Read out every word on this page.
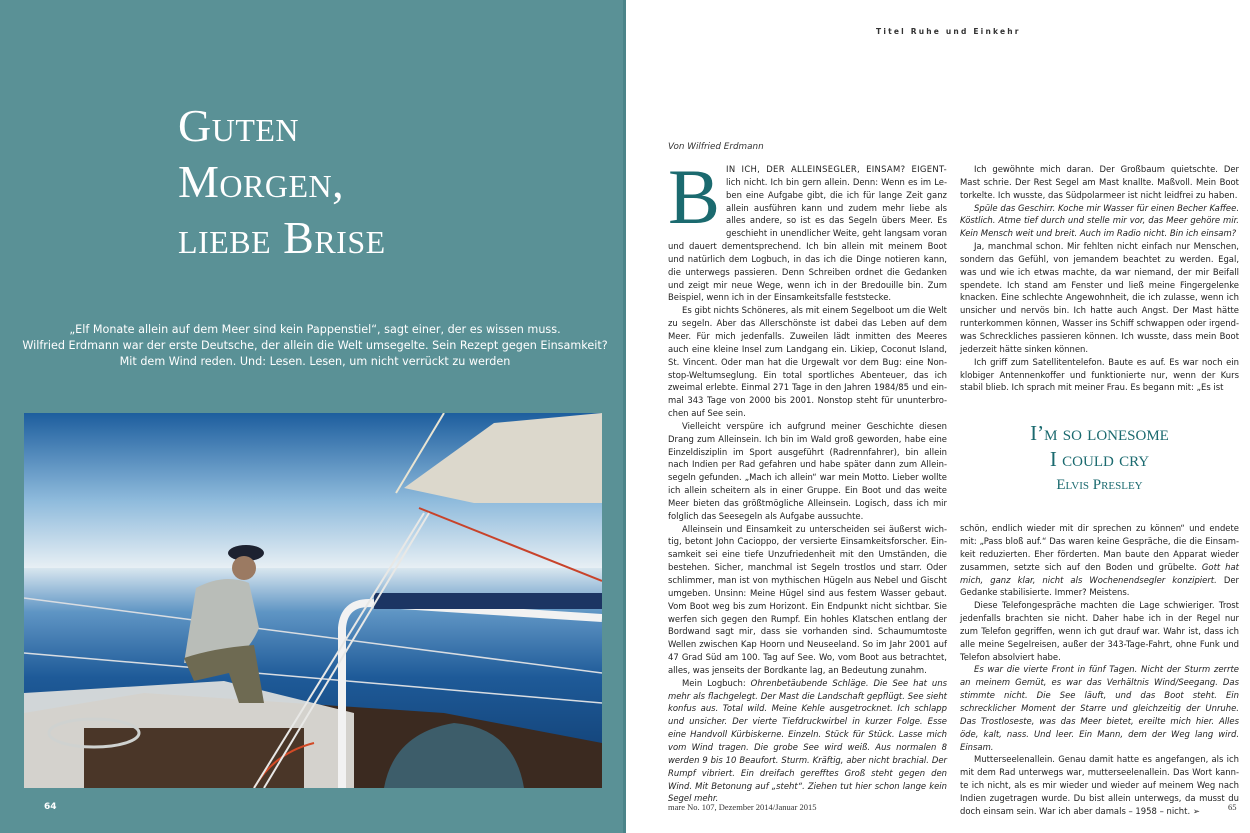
Guten
Morgen,
liebe Brise
„Elf Monate allein auf dem Meer sind kein Pappenstiel“, sagt einer, der es wissen muss.
Wilfried Erdmann war der erste Deutsche, der allein die Welt umsegelte. Sein Rezept gegen Einsamkeit?
Mit dem Wind reden. Und: Lesen. Lesen, um nicht verrückt zu werden
64
Titel Ruhe und Einkehr
Von Wilfried Erdmann

BIN ICH, DER ALLEINSEGLER, EINSAM? EIGENT- lich nicht. Ich bin gern allein. Denn: Wenn es im Leben eine Aufgabe gibt, die ich für lange Zeit ganz allein ausführen kann und zudem mehr liebe als alles andere, so ist es das Segeln übers Meer. Es geschieht in unendlicher Weite, geht langsam voran und dauert dementsprechend. Ich bin allein mit meinem Boot und natürlich dem Logbuch, in das ich die Dinge notieren kann, die unterwegs passieren. Denn Schreiben ordnet die Gedanken und zeigt mir neue Wege, wenn ich in der Bredouille bin. Zum Beispiel, wenn ich in der Einsamkeitsfalle feststecke.

Es gibt nichts Schöneres, als mit einem Segelboot um die Welt zu segeln. Aber das Allerschönste ist dabei das Leben auf dem Meer. Für mich jedenfalls. Zuweilen lädt inmitten des Meeres auch eine kleine Insel zum Landgang ein. Likiep, Coconut Island, St. Vincent. Oder man hat die Urgewalt vor dem Bug: eine Nonstop-Weltumseglung. Ein total sportliches Abenteuer, das ich zweimal erlebte. Einmal 271 Tage in den Jahren 1984/85 und einmal 343 Tage von 2000 bis 2001. Nonstop steht für ununterbrochen auf See sein.

Vielleicht verspüre ich aufgrund meiner Geschichte diesen Drang zum Alleinsein. Ich bin im Wald groß geworden, habe eine Einzeldisziplin im Sport ausgeführt (Radrennfahrer), bin allein nach Indien per Rad gefahren und habe später dann zum Alleinsegeln gefunden. „Mach ich allein“ war mein Motto. Lieber wollte ich allein scheitern als in einer Gruppe. Ein Boot und das weite Meer bieten das größtmögliche Alleinsein. Logisch, dass ich mir folglich das Seesegeln als Aufgabe aussuchte.

Alleinsein und Einsamkeit zu unterscheiden sei äußerst wichtig, betont John Cacioppo, der versierte Einsamkeitsforscher. Einsamkeit sei eine tiefe Unzufriedenheit mit den Umständen, die bestehen. Sicher, manchmal ist Segeln trostlos und starr. Oder schlimmer, man ist von mythischen Hügeln aus Nebel und Gischt umgeben. Unsinn: Meine Hügel sind aus festem Wasser gebaut. Vom Boot weg bis zum Horizont. Ein Endpunkt nicht sichtbar. Sie werfen sich gegen den Rumpf. Ein hohles Klatschen entlang der Bordwand sagt mir, dass sie vorhanden sind. Schaumumtoste Wellen zwischen Kap Hoorn und Neuseeland. So im Jahr 2001 auf 47 Grad Süd am 100. Tag auf See. Wo, vom Boot aus betrachtet, alles, was jenseits der Bordkante lag, an Bedeutung zunahm.

Mein Logbuch: Ohrenbetäubende Schläge. Die See hat uns mehr als flachgelegt. Der Mast die Landschaft gepflügt. See sieht konfus aus. Total wild. Meine Kehle ausgetrocknet. Ich schlapp und unsicher. Der vierte Tiefdruckwirbel in kurzer Folge. Esse eine Handvoll Kürbiskerne. Einzeln. Stück für Stück. Lasse mich vom Wind tragen. Die grobe See wird weiß. Aus normalen 8 werden 9 bis 10 Beaufort. Sturm. Kräftig, aber nicht brachial. Der Rumpf vibriert. Ein dreifach gerefftes Groß steht gegen den Wind. Mit Betonung auf „steht“. Ziehen tut hier schon lange kein Segel mehr.

Ich gewöhnte mich daran. Der Großbaum quietschte. Der Mast schrie. Der Rest Segel am Mast knallte. Maßvoll. Mein Boot torkelte. Ich wusste, das Südpolarmeer ist nicht leidfrei zu haben.

Spüle das Geschirr. Koche mir Wasser für einen Becher Kaffee. Köstlich. Atme tief durch und stelle mir vor, das Meer gehöre mir. Kein Mensch weit und breit. Auch im Radio nicht. Bin ich einsam?

Ja, manchmal schon. Mir fehlten nicht einfach nur Menschen, sondern das Gefühl, von jemandem beachtet zu werden. Egal, was und wie ich etwas machte, da war niemand, der mir Beifall spendete. Ich stand am Fenster und ließ meine Fingergelenke knacken. Eine schlechte Angewohnheit, die ich zulasse, wenn ich unsicher und nervös bin. Ich hatte auch Angst. Der Mast hätte runterkommen können, Wasser ins Schiff schwappen oder irgendwas Schreckliches passieren können. Ich wusste, dass mein Boot jederzeit hätte sinken können.

Ich griff zum Satellitentelefon. Baute es auf. Es war noch ein klobiger Antennenkoffer und funktionierte nur, wenn der Kurs stabil blieb. Ich sprach mit meiner Frau. Es begann mit: „Es ist

I’m so lonesome
I could cry
Elvis Presley

schön, endlich wieder mit dir sprechen zu können“ und endete mit: „Pass bloß auf.“ Das waren keine Gespräche, die die Einsamkeit reduzierten. Eher förderten. Man baute den Apparat wieder zusammen, setzte sich auf den Boden und grübelte. Gott hat mich, ganz klar, nicht als Wochenendsegler konzipiert. Der Gedanke stabilisierte. Immer? Meistens.

Diese Telefongespräche machten die Lage schwieriger. Trost jedenfalls brachten sie nicht. Daher habe ich in der Regel nur zum Telefon gegriffen, wenn ich gut drauf war. Wahr ist, dass ich alle meine Segelreisen, außer der 343-Tage-Fahrt, ohne Funk und Telefon absolviert habe.

Es war die vierte Front in fünf Tagen. Nicht der Sturm zerrte an meinem Gemüt, es war das Verhältnis Wind/Seegang. Das stimmte nicht. Die See läuft, und das Boot steht. Ein schrecklicher Moment der Starre und gleichzeitig der Unruhe. Das Trostloseste, was das Meer bietet, ereilte mich hier. Alles öde, kalt, nass. Und leer. Ein Mann, dem der Weg lang wird. Einsam.

Mutterseelenallein. Genau damit hatte es angefangen, als ich mit dem Rad unterwegs war, mutterseelenallein. Das Wort kannte ich nicht, als es mir wieder und wieder auf meinem Weg nach Indien zugetragen wurde. Du bist allein unterwegs, da musst du doch einsam sein. War ich aber damals – 1958 – nicht. ➢

mare No. 107, Dezember 2014/Januar 2015	65
